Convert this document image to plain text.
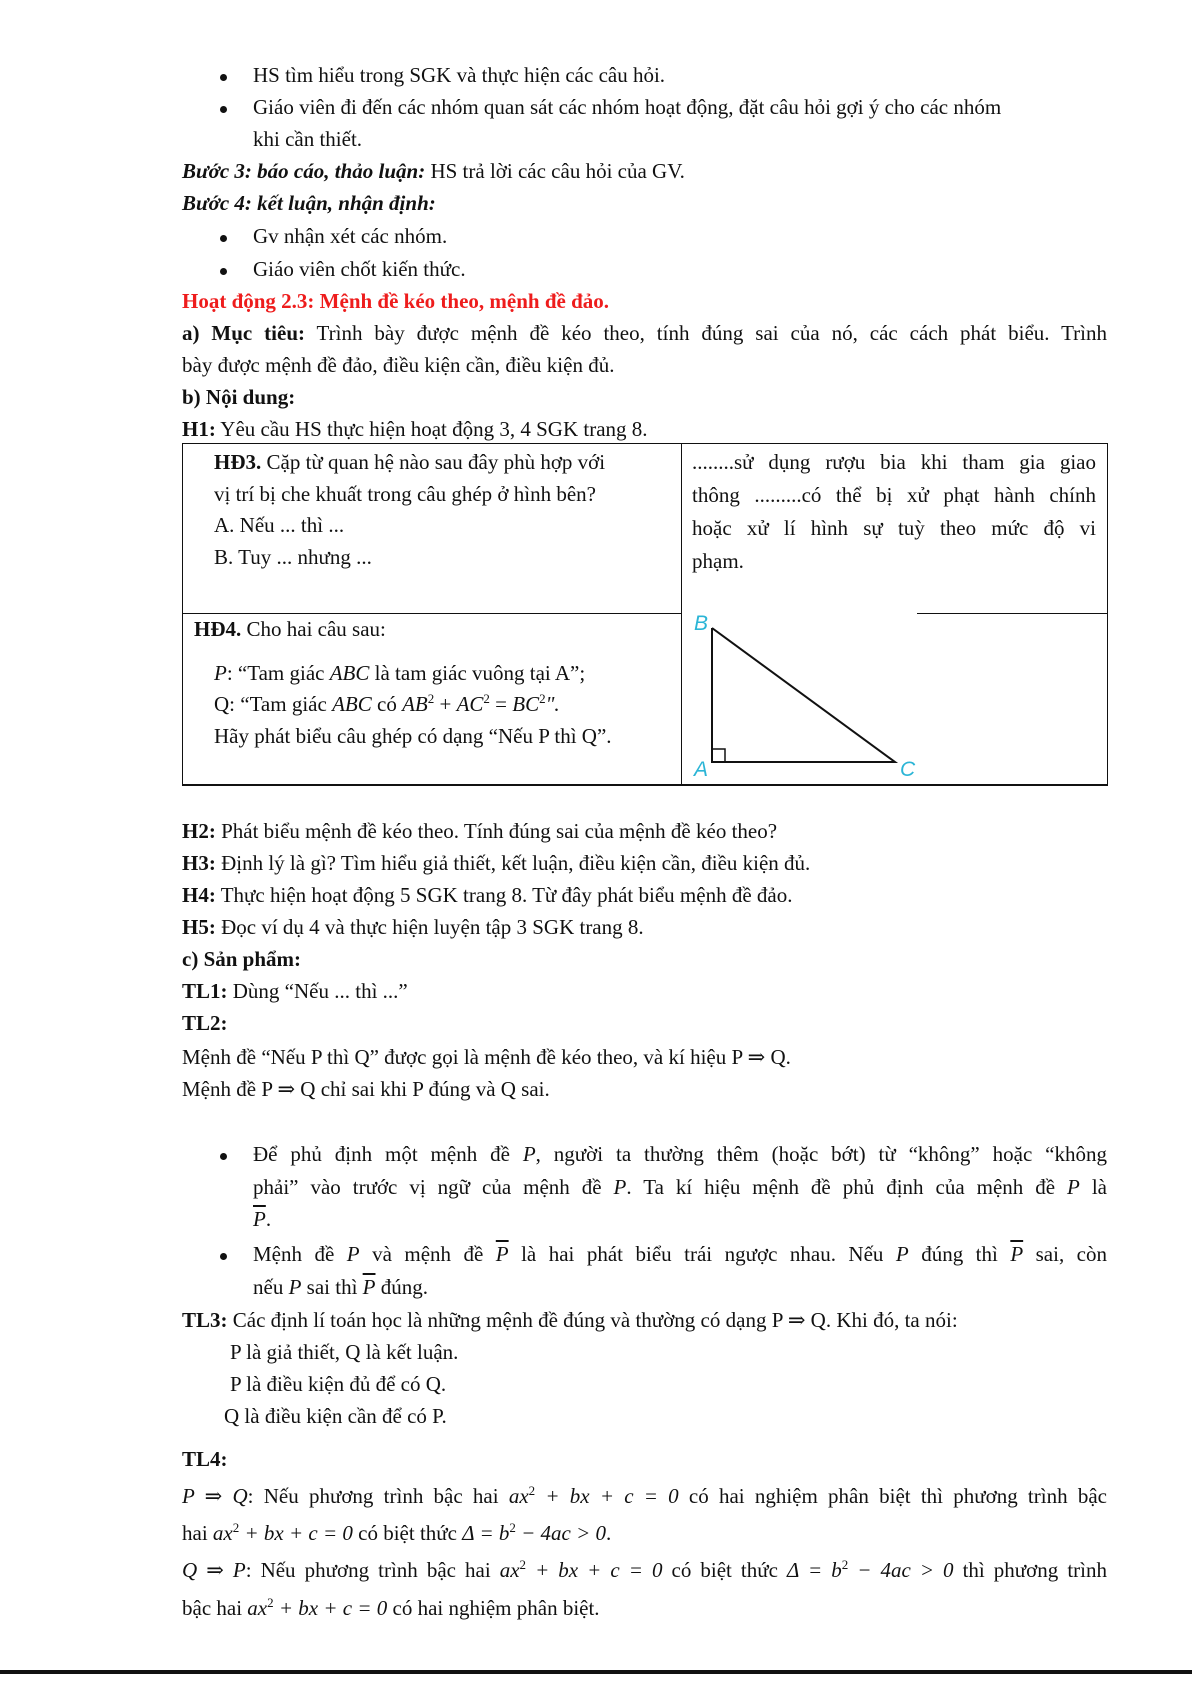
HS tìm hiểu trong SGK và thực hiện các câu hỏi.
Giáo viên đi đến các nhóm quan sát các nhóm hoạt động, đặt câu hỏi gợi ý cho các nhóm
khi cần thiết.
Bước 3: báo cáo, thảo luận: HS trả lời các câu hỏi của GV.
Bước 4: kết luận, nhận định:
Gv nhận xét các nhóm.
Giáo viên chốt kiến thức.
Hoạt động 2.3: Mệnh đề kéo theo, mệnh đề đảo.
a) Mục tiêu: Trình bày được mệnh đề kéo theo, tính đúng sai của nó, các cách phát biểu. Trình
bày được mệnh đề đảo, điều kiện cần, điều kiện đủ.
b) Nội dung:
H1: Yêu cầu HS thực hiện hoạt động 3, 4 SGK trang 8.
HĐ3. Cặp từ quan hệ nào sau đây phù hợp với
vị trí bị che khuất trong câu ghép ở hình bên?
A. Nếu ... thì ...
B. Tuy ... nhưng ...
........sử dụng rượu bia khi tham gia giao
thông .........có thể bị xử phạt hành chính
hoặc xử lí hình sự tuỳ theo mức độ vi
phạm.
HĐ4. Cho hai câu sau:
P: “Tam giác ABC là tam giác vuông tại A”;
Q: “Tam giác ABC có $AB^2 + AC^2 = BC^2$".
Hãy phát biểu câu ghép có dạng “Nếu P thì Q”.
B
A	C
H2: Phát biểu mệnh đề kéo theo. Tính đúng sai của mệnh đề kéo theo?
H3: Định lý là gì? Tìm hiểu giả thiết, kết luận, điều kiện cần, điều kiện đủ.
H4: Thực hiện hoạt động 5 SGK trang 8. Từ đây phát biểu mệnh đề đảo.
H5: Đọc ví dụ 4 và thực hiện luyện tập 3 SGK trang 8.
c) Sản phẩm:
TL1: Dùng “Nếu ... thì ...”
TL2:
Mệnh đề “Nếu P thì Q” được gọi là mệnh đề kéo theo, và kí hiệu P ⇒ Q.
Mệnh đề P ⇒ Q chỉ sai khi P đúng và Q sai.
Để phủ định một mệnh đề P, người ta thường thêm (hoặc bớt) từ “không” hoặc “không
phải” vào trước vị ngữ của mệnh đề P. Ta kí hiệu mệnh đề phủ định của mệnh đề P là
$\overline{P}$.
Mệnh đề P và mệnh đề $\overline{P}$ là hai phát biểu trái ngược nhau. Nếu P đúng thì $\overline{P}$ sai, còn
nếu P sai thì $\overline{P}$ đúng.
TL3: Các định lí toán học là những mệnh đề đúng và thường có dạng P ⇒ Q. Khi đó, ta nói:
P là giả thiết, Q là kết luận.
P là điều kiện đủ để có Q.
Q là điều kiện cần để có P.
TL4:
P ⇒ Q: Nếu phương trình bậc hai $ax^2$ + bx + c = 0 có hai nghiệm phân biệt thì phương trình bậc
hai $ax^2$ + bx + c = 0 có biệt thức $\Delta = b^2 - 4ac > 0$.
Q ⇒ P: Nếu phương trình bậc hai $ax^2$ + bx + c = 0 có biệt thức $\Delta = b^2 - 4ac > 0$ thì phương trình
bậc hai $ax^2$ + bx + c = 0 có hai nghiệm phân biệt.
